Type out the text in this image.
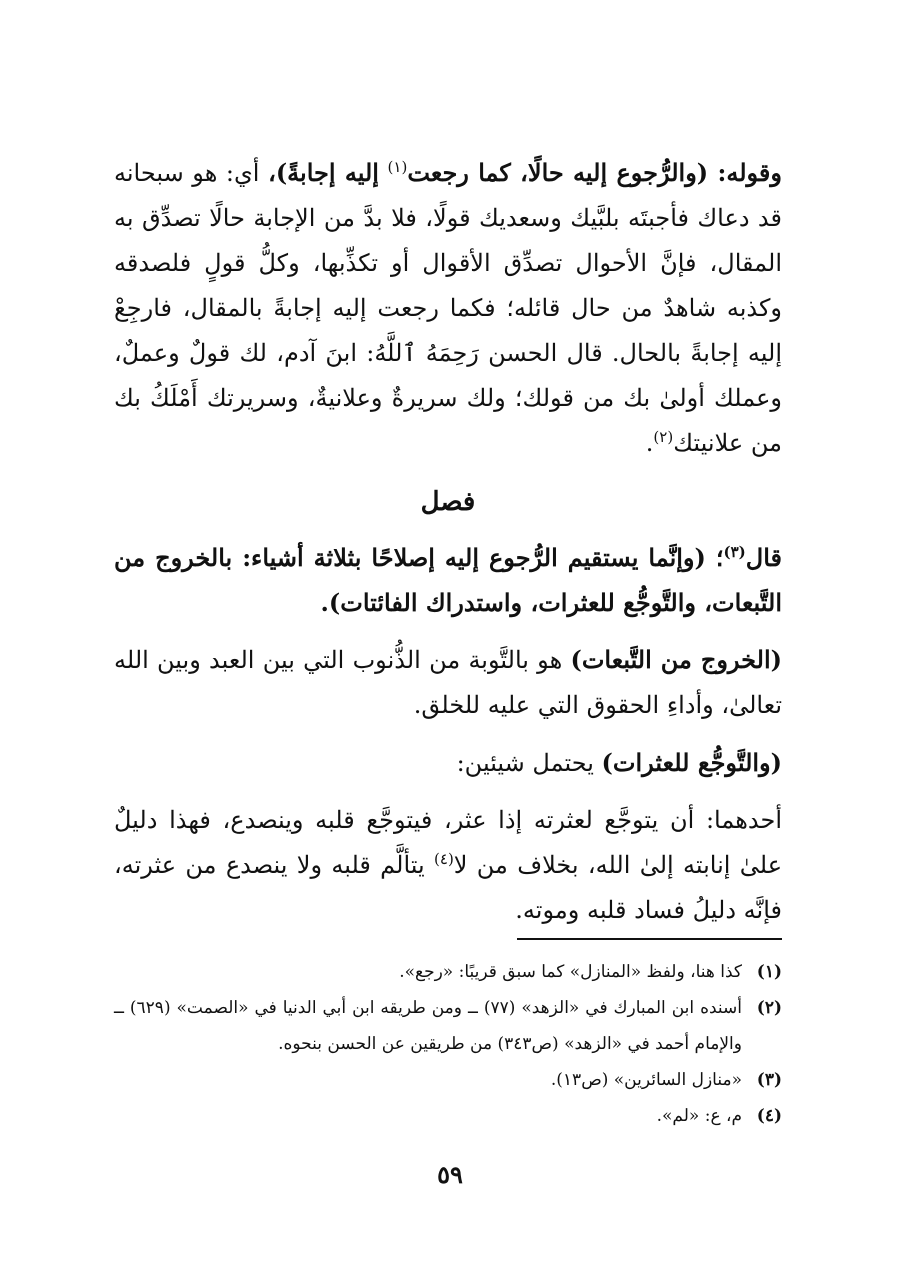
وقوله: (والرُّجوع إليه حالًا، كما رجعت$^{(١)}$ إليه إجابةً)، أي: هو سبحانه قد دعاك فأجبتَه بلبَّيك وسعديك قولًا، فلا بدَّ من الإجابة حالًا تصدِّق به المقال، فإنَّ الأحوال تصدِّق الأقوال أو تكذِّبها، وكلُّ قولٍ فلصدقه وكذبه شاهدٌ من حال قائله؛ فكما رجعت إليه إجابةً بالمقال، فارجِعْ إليه إجابةً بالحال. قال الحسن رَحِمَهُ ٱللَّهُ: ابنَ آدم، لك قولٌ وعملٌ، وعملك أولىٰ بك من قولك؛ ولك سريرةٌ وعلانيةٌ، وسريرتك أَمْلَكُ بك من علانيتك$^{(٢)}$.

فصل

قال$^{(٣)}$؛ (وإنَّما يستقيم الرُّجوع إليه إصلاحًا بثلاثة أشياء: بالخروج من التَّبعات، والتَّوجُّع للعثرات، واستدراك الفائتات).

(الخروج من التَّبعات) هو بالتَّوبة من الذُّنوب التي بين العبد وبين الله تعالىٰ، وأداءِ الحقوق التي عليه للخلق.

(والتَّوجُّع للعثرات) يحتمل شيئين:

أحدهما: أن يتوجَّع لعثرته إذا عثر، فيتوجَّع قلبه وينصدع، فهذا دليلٌ علىٰ إنابته إلىٰ الله، بخلاف من لا$^{(٤)}$ يتألَّم قلبه ولا ينصدع من عثرته، فإنَّه دليلُ فساد قلبه وموته.

(١)
كذا هنا، ولفظ «المنازل» كما سبق قريبًا: «رجع».
(٢)
أسنده ابن المبارك في «الزهد» (٧٧) ــ ومن طريقه ابن أبي الدنيا في «الصمت» (٦٢٩) ــ والإمام أحمد في «الزهد» (ص٣٤٣) من طريقين عن الحسن بنحوه.
(٣)
«منازل السائرين» (ص١٣).
(٤)
م، ع: «لم».
٥٩
